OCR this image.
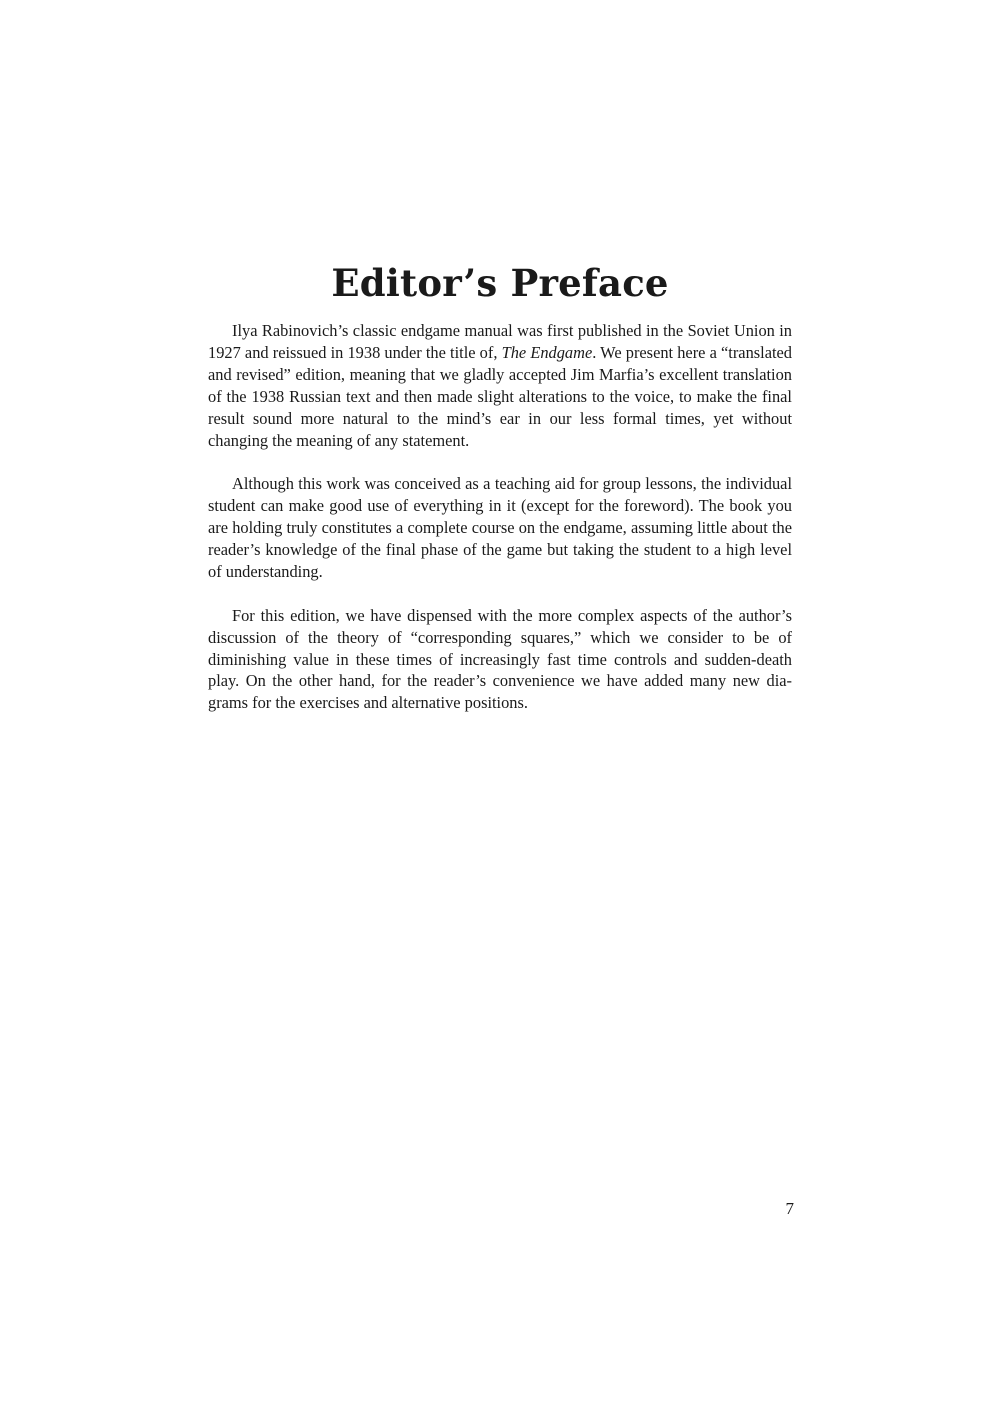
Editor’s Preface

Ilya Rabinovich’s classic endgame manual was first published in the Soviet Union in 1927 and reissued in 1938 under the title of, The Endgame. We present here a “translated and revised” edition, meaning that we gladly accepted Jim Marfia’s excellent translation of the 1938 Russian text and then made slight alterations to the voice, to make the final result sound more natural to the mind’s ear in our less formal times, yet without changing the meaning of any statement.

Although this work was conceived as a teaching aid for group lessons, the individual student can make good use of everything in it (except for the foreword). The book you are holding truly constitutes a complete course on the endgame, assuming little about the reader’s knowledge of the final phase of the game but taking the student to a high level of understanding.

For this edition, we have dispensed with the more complex aspects of the author’s discussion of the theory of “corresponding squares,” which we consider to be of diminishing value in these times of increasingly fast time controls and sudden-death play. On the other hand, for the reader’s convenience we have added many new diagrams for the exercises and alternative positions.

7
